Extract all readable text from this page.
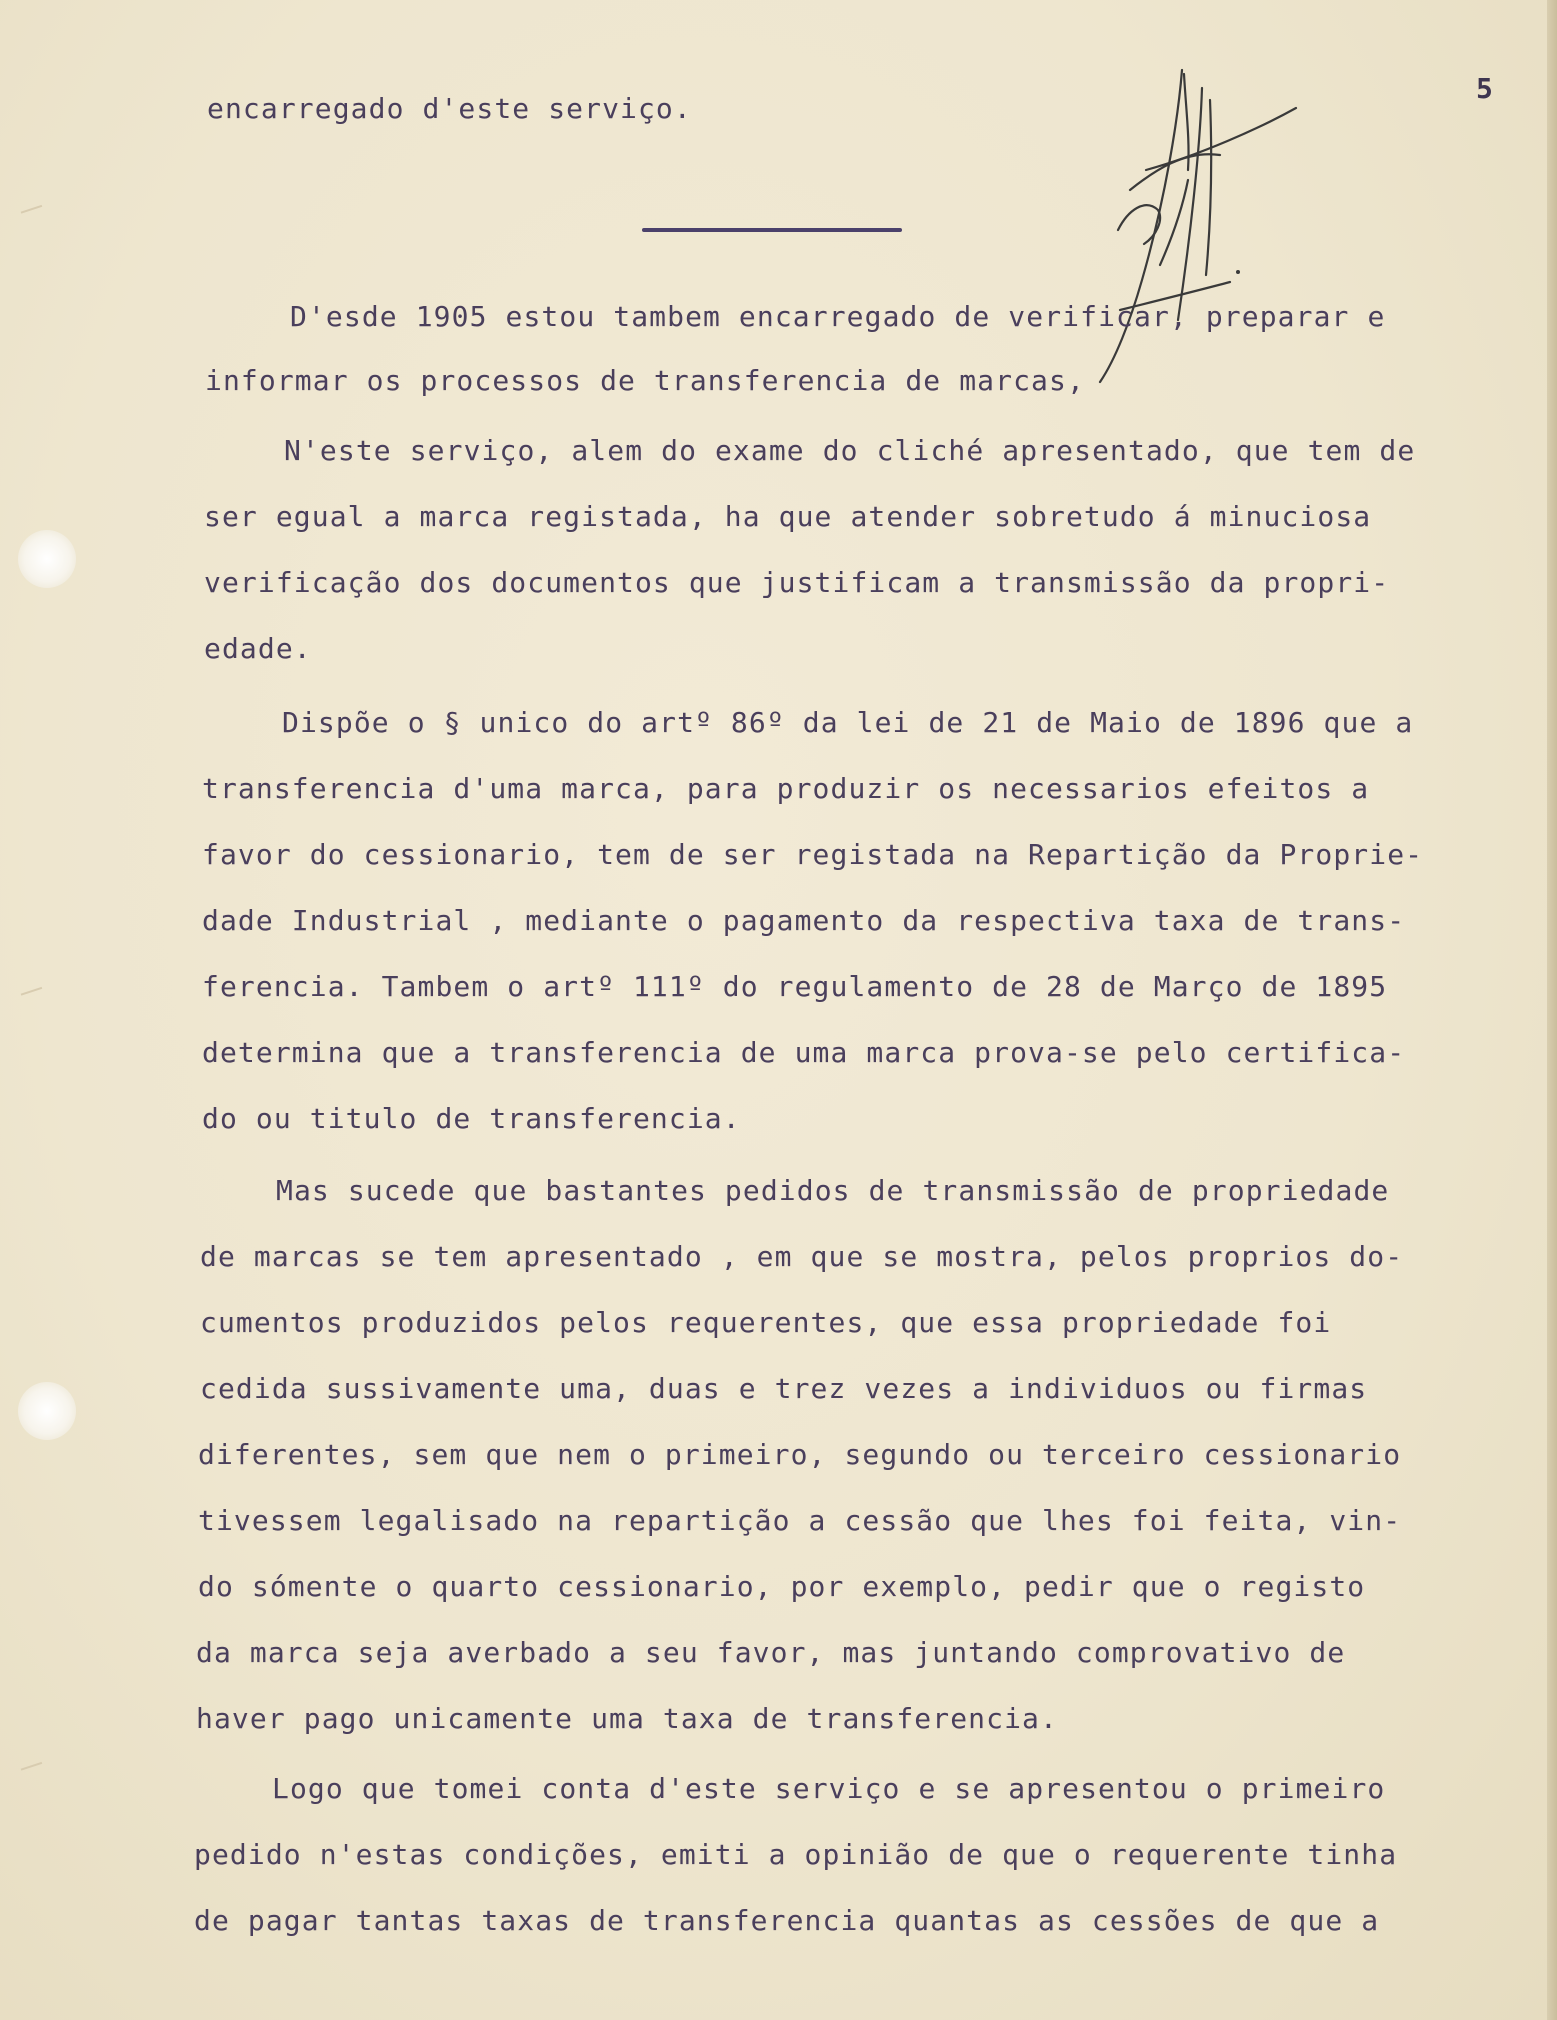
5
encarregado d'este serviço.
D'esde 1905 estou tambem encarregado de verificar, preparar e
informar os processos de transferencia de marcas,
N'este serviço, alem do exame do cliché apresentado, que tem de
ser egual a marca registada, ha que atender sobretudo á minuciosa
verificação dos documentos que justificam a transmissão da propri-
edade.
Dispõe o § unico do artº 86º da lei de 21 de Maio de 1896 que a
transferencia d'uma marca, para produzir os necessarios efeitos a
favor do cessionario, tem de ser registada na Repartição da Proprie-
dade Industrial , mediante o pagamento da respectiva taxa de trans-
ferencia. Tambem o artº 111º do regulamento de 28 de Março de 1895
determina que a transferencia de uma marca prova-se pelo certifica-
do ou titulo de transferencia.
Mas sucede que bastantes pedidos de transmissão de propriedade
de marcas se tem apresentado , em que se mostra, pelos proprios do-
cumentos produzidos pelos requerentes, que essa propriedade foi
cedida sussivamente uma, duas e trez vezes a individuos ou firmas
diferentes, sem que nem o primeiro, segundo ou terceiro cessionario
tivessem legalisado na repartição a cessão que lhes foi feita, vin-
do sómente o quarto cessionario, por exemplo, pedir que o registo
da marca seja averbado a seu favor, mas juntando comprovativo de
haver pago unicamente uma taxa de transferencia.
Logo que tomei conta d'este serviço e se apresentou o primeiro
pedido n'estas condições, emiti a opinião de que o requerente tinha
de pagar tantas taxas de transferencia quantas as cessões de que a
